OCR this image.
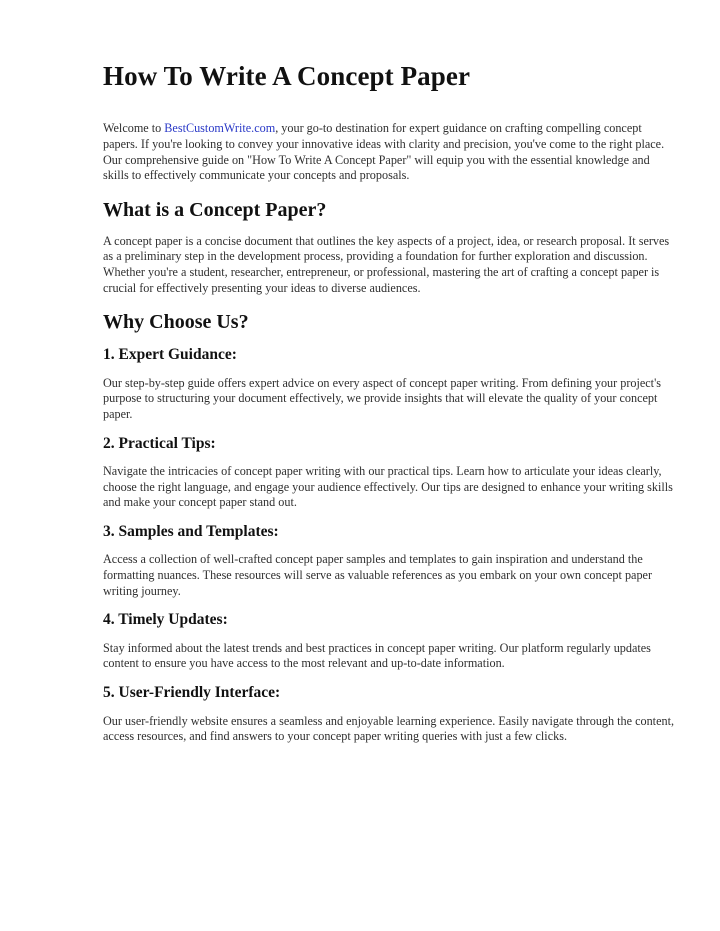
How To Write A Concept Paper

Welcome to BestCustomWrite.com, your go-to destination for expert guidance on crafting compelling concept papers. If you're looking to convey your innovative ideas with clarity and precision, you've come to the right place. Our comprehensive guide on "How To Write A Concept Paper" will equip you with the essential knowledge and skills to effectively communicate your concepts and proposals.

What is a Concept Paper?

A concept paper is a concise document that outlines the key aspects of a project, idea, or research proposal. It serves as a preliminary step in the development process, providing a foundation for further exploration and discussion. Whether you're a student, researcher, entrepreneur, or professional, mastering the art of crafting a concept paper is crucial for effectively presenting your ideas to diverse audiences.

Why Choose Us?
1. Expert Guidance:

Our step-by-step guide offers expert advice on every aspect of concept paper writing. From defining your project's purpose to structuring your document effectively, we provide insights that will elevate the quality of your concept paper.

2. Practical Tips:

Navigate the intricacies of concept paper writing with our practical tips. Learn how to articulate your ideas clearly, choose the right language, and engage your audience effectively. Our tips are designed to enhance your writing skills and make your concept paper stand out.

3. Samples and Templates:

Access a collection of well-crafted concept paper samples and templates to gain inspiration and understand the formatting nuances. These resources will serve as valuable references as you embark on your own concept paper writing journey.

4. Timely Updates:

Stay informed about the latest trends and best practices in concept paper writing. Our platform regularly updates content to ensure you have access to the most relevant and up-to-date information.

5. User-Friendly Interface:

Our user-friendly website ensures a seamless and enjoyable learning experience. Easily navigate through the content, access resources, and find answers to your concept paper writing queries with just a few clicks.
